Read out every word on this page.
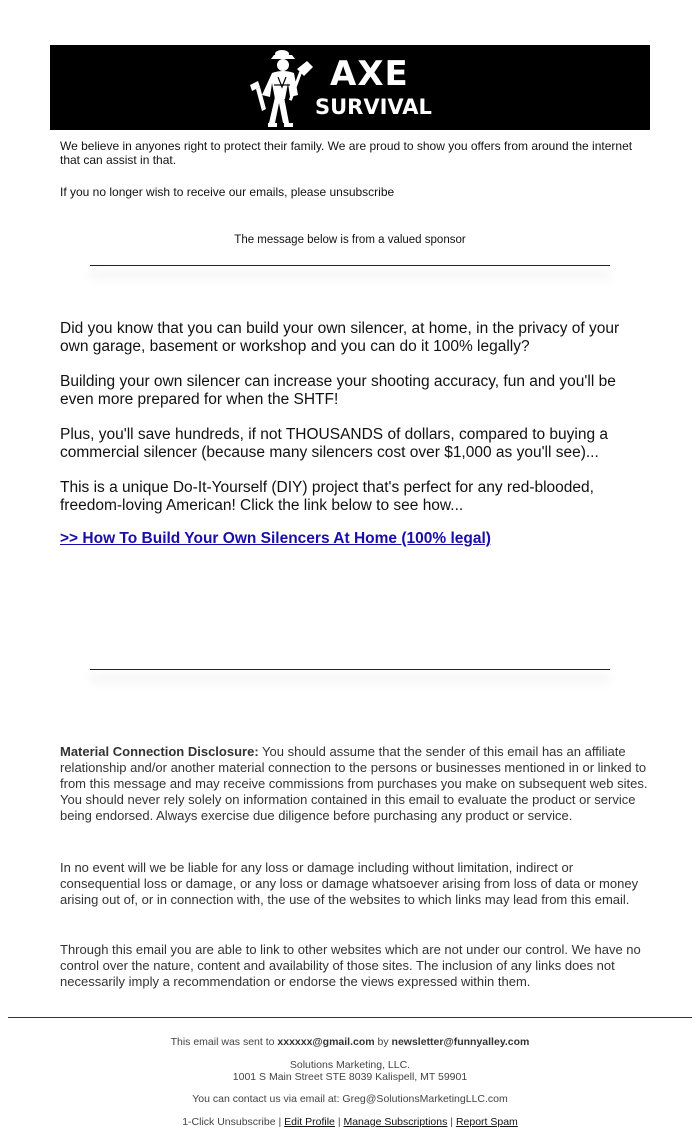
AXE
SURVIVAL
We believe in anyones right to protect their family. We are proud to show you offers from around the internet that can assist in that.
If you no longer wish to receive our emails, please unsubscribe
The message below is from a valued sponsor

Did you know that you can build your own silencer, at home, in the privacy of your own garage, basement or workshop and you can do it 100% legally?

Building your own silencer can increase your shooting accuracy, fun and you'll be even more prepared for when the SHTF!

Plus, you'll save hundreds, if not THOUSANDS of dollars, compared to buying a commercial silencer (because many silencers cost over $1,000 as you'll see)...

This is a unique Do-It-Yourself (DIY) project that's perfect for any red-blooded, freedom-loving American! Click the link below to see how...

>> How To Build Your Own Silencers At Home (100% legal)

Material Connection Disclosure: You should assume that the sender of this email has an affiliate relationship and/or another material connection to the persons or businesses mentioned in or linked to from this message and may receive commissions from purchases you make on subsequent web sites. You should never rely solely on information contained in this email to evaluate the product or service being endorsed. Always exercise due diligence before purchasing any product or service.

In no event will we be liable for any loss or damage including without limitation, indirect or consequential loss or damage, or any loss or damage whatsoever arising from loss of data or money arising out of, or in connection with, the use of the websites to which links may lead from this email.

Through this email you are able to link to other websites which are not under our control. We have no control over the nature, content and availability of those sites. The inclusion of any links does not necessarily imply a recommendation or endorse the views expressed within them.

This email was sent to xxxxxx@gmail.com by newsletter@funnyalley.com
Solutions Marketing, LLC.
1001 S Main Street STE 8039 Kalispell, MT 59901
You can contact us via email at: Greg@SolutionsMarketingLLC.com
1-Click Unsubscribe | Edit Profile | Manage Subscriptions | Report Spam
